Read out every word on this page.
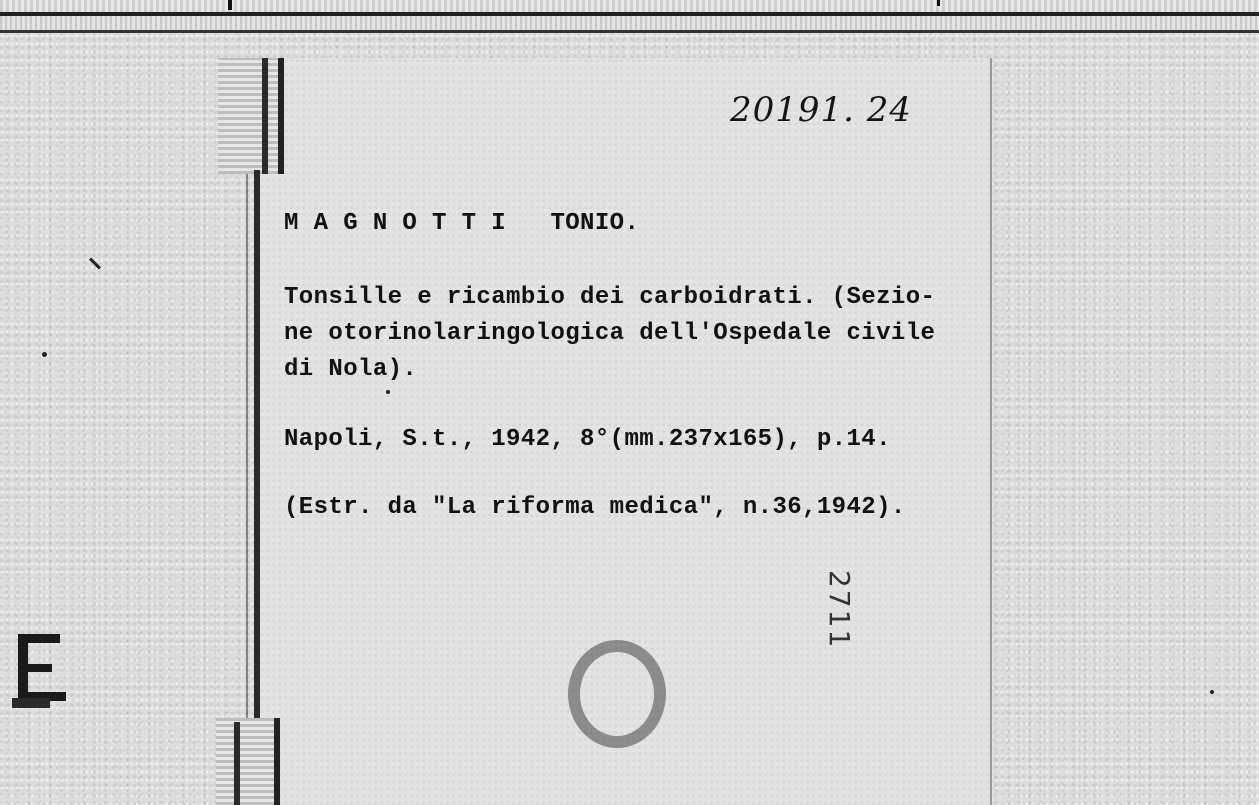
20191. 24
M A G N O T T I   TONIO.
Tonsille e ricambio dei carboidrati. (Sezio-
ne otorinolaringologica dell'Ospedale civile
di Nola).
Napoli, S.t., 1942, 8°(mm.237x165), p.14.
(Estr. da "La riforma medica", n.36,1942).
2711
